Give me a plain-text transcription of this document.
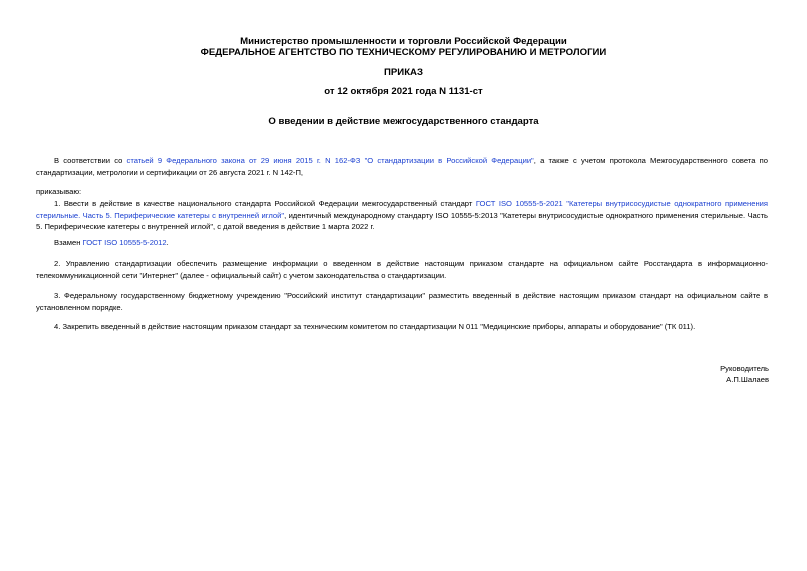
Министерство промышленности и торговли Российской Федерации
ФЕДЕРАЛЬНОЕ АГЕНТСТВО ПО ТЕХНИЧЕСКОМУ РЕГУЛИРОВАНИЮ И МЕТРОЛОГИИ
ПРИКАЗ
от 12 октября 2021 года N 1131-ст
О введении в действие межгосударственного стандарта
В соответствии со статьей 9 Федерального закона от 29 июня 2015 г. N 162-ФЗ "О стандартизации в Российской Федерации", а также с учетом протокола Межгосударственного совета по стандартизации, метрологии и сертификации от 26 августа 2021 г. N 142-П,
приказываю:
1. Ввести в действие в качестве национального стандарта Российской Федерации межгосударственный стандарт ГОСТ ISO 10555-5-2021 "Катетеры внутрисосудистые однократного применения стерильные. Часть 5. Периферические катетеры с внутренней иглой", идентичный международному стандарту ISO 10555-5:2013 "Катетеры внутрисосудистые однократного применения стерильные. Часть 5. Периферические катетеры с внутренней иглой", с датой введения в действие 1 марта 2022 г.
Взамен ГОСТ ISO 10555-5-2012.
2. Управлению стандартизации обеспечить размещение информации о введенном в действие настоящим приказом стандарте на официальном сайте Росстандарта в информационно-телекоммуникационной сети "Интернет" (далее - официальный сайт) с учетом законодательства о стандартизации.
3. Федеральному государственному бюджетному учреждению "Российский институт стандартизации" разместить введенный в действие настоящим приказом стандарт на официальном сайте в установленном порядке.
4. Закрепить введенный в действие настоящим приказом стандарт за техническим комитетом по стандартизации N 011 "Медицинские приборы, аппараты и оборудование" (ТК 011).
Руководитель
А.П.Шалаев
